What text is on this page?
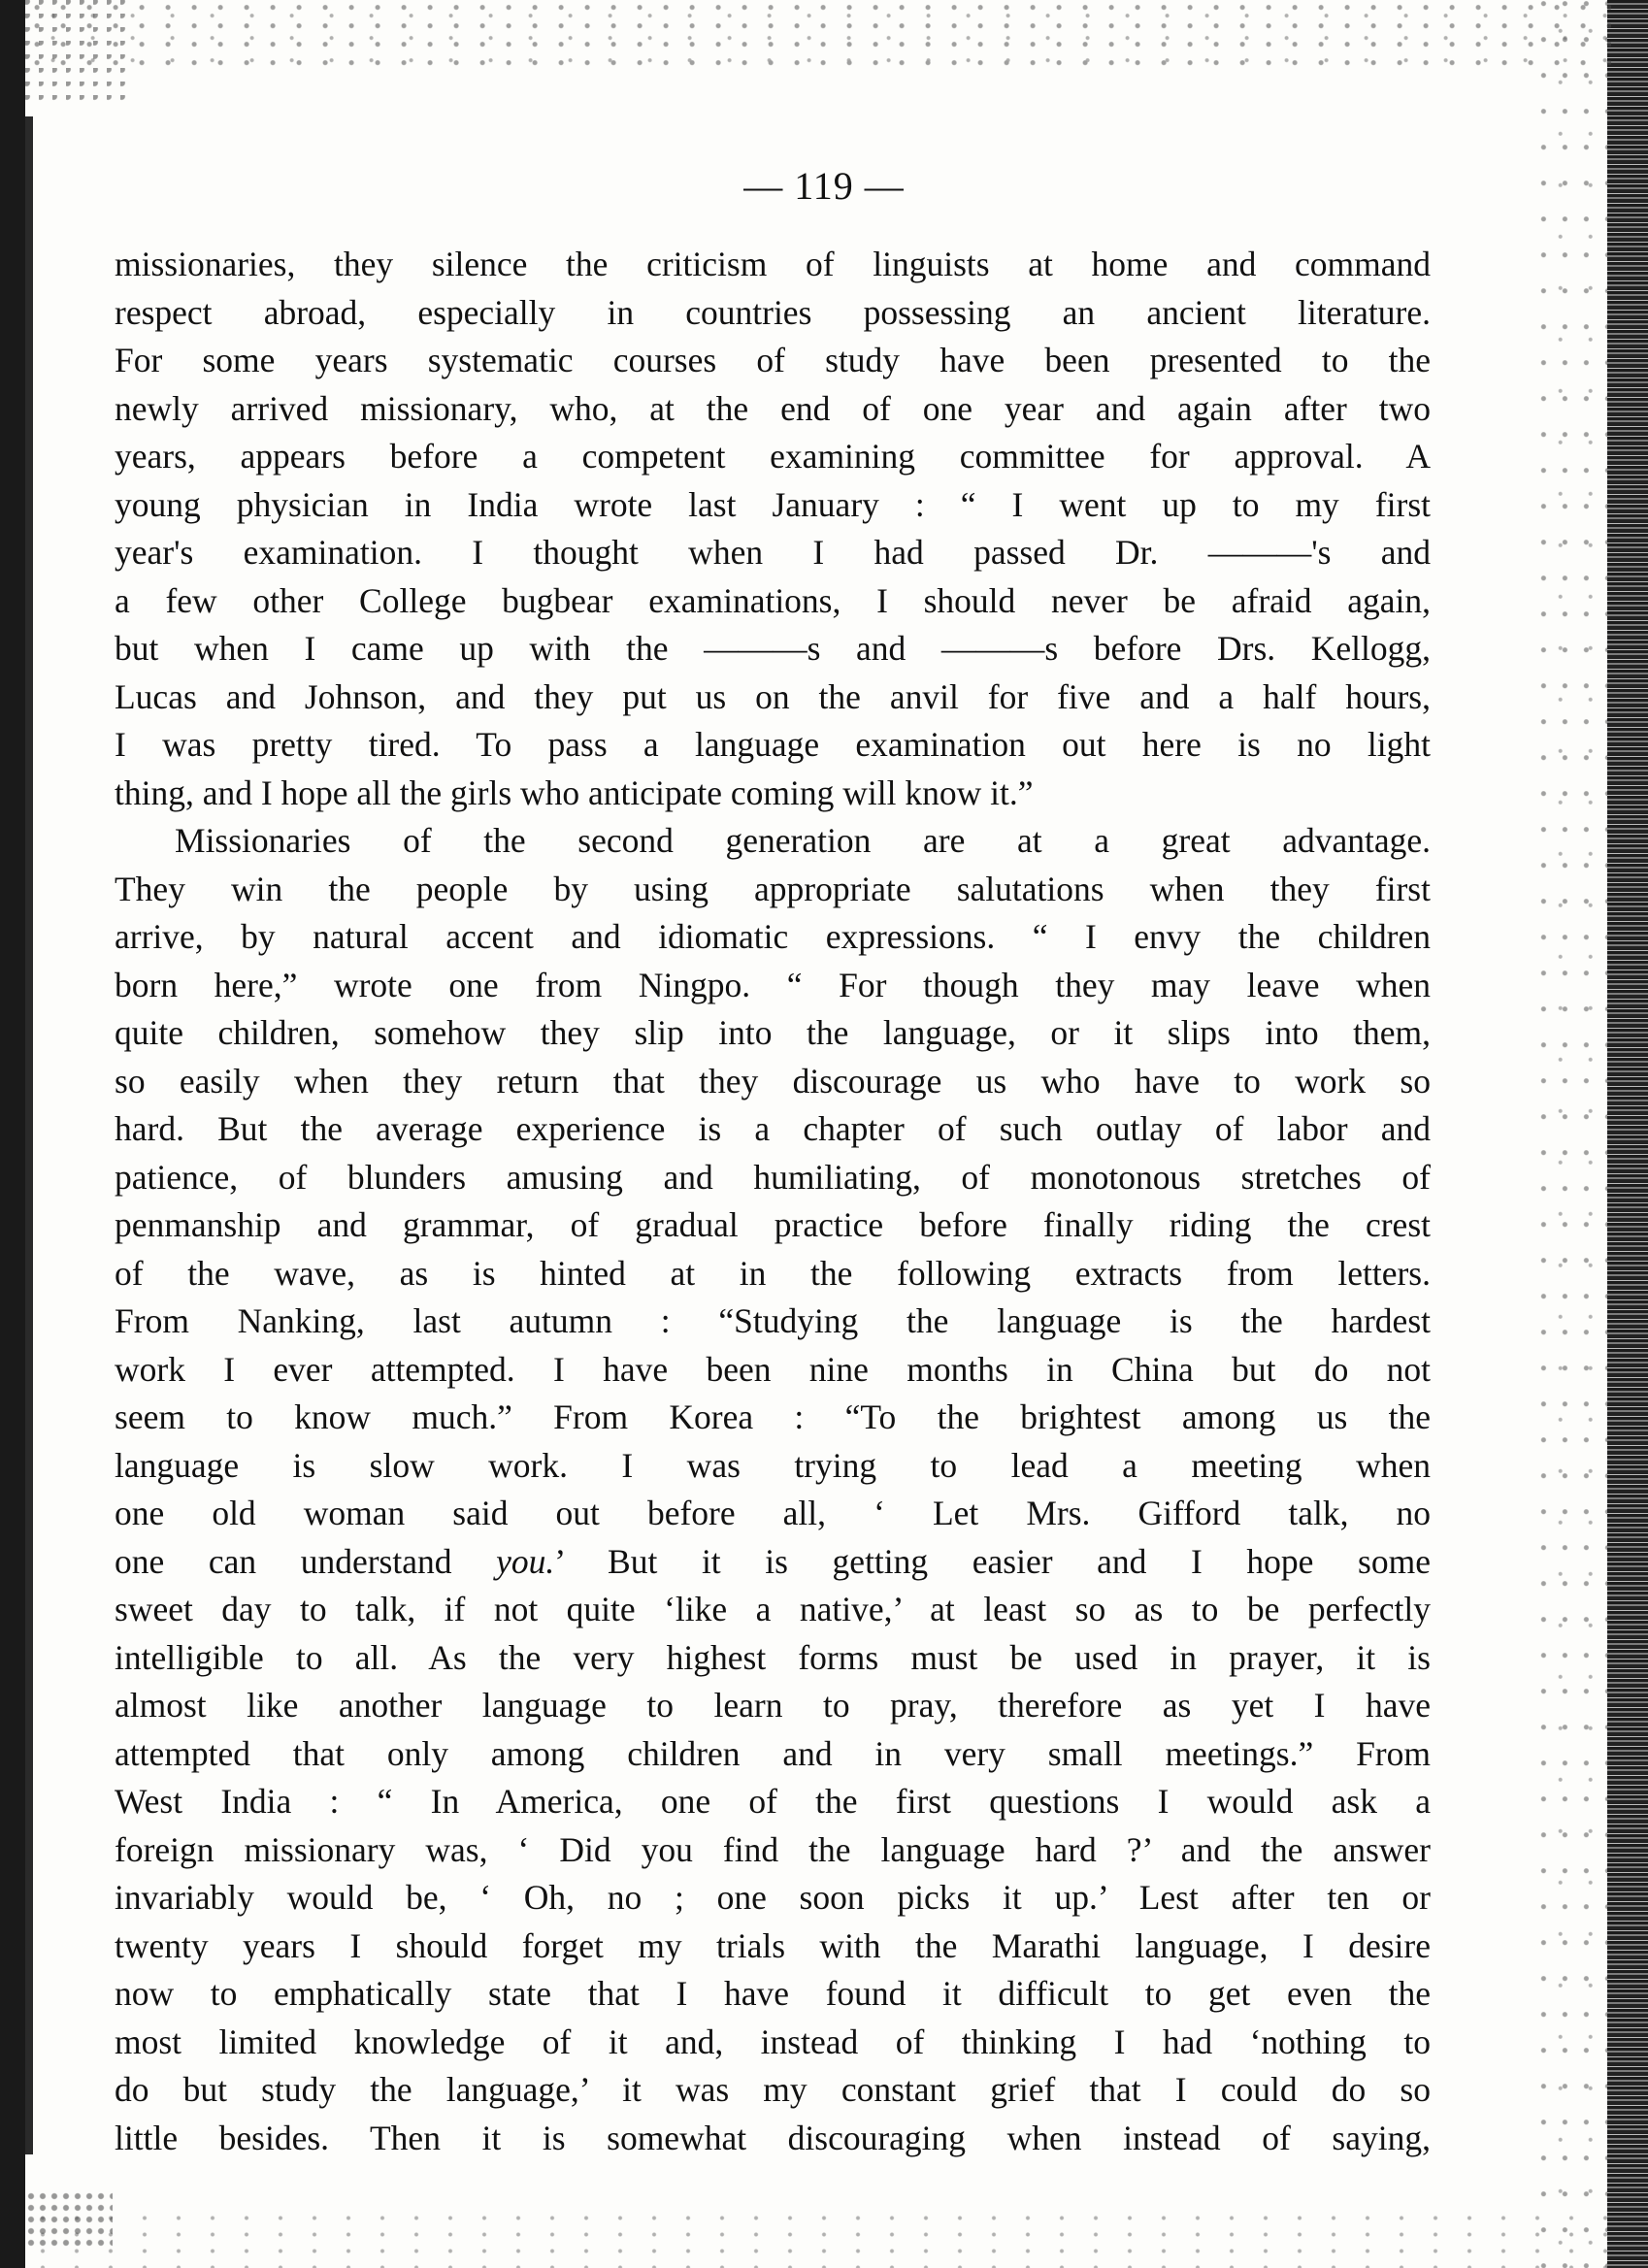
— 119 —
missionaries, they silence the criticism of linguists at home and command
respect abroad, especially in countries possessing an ancient literature.
For some years systematic courses of study have been presented to the
newly arrived missionary, who, at the end of one year and again after two
years, appears before a competent examining committee for approval. A
young physician in India wrote last January : “ I went up to my first
year's examination. I thought when I had passed Dr. ———'s and
a few other College bugbear examinations, I should never be afraid again,
but when I came up with the ———s and ———s before Drs. Kellogg,
Lucas and Johnson, and they put us on the anvil for five and a half hours,
I was pretty tired. To pass a language examination out here is no light
thing, and I hope all the girls who anticipate coming will know it.”
Missionaries of the second generation are at a great advantage.
They win the people by using appropriate salutations when they first
arrive, by natural accent and idiomatic expressions. “ I envy the children
born here,” wrote one from Ningpo. “ For though they may leave when
quite children, somehow they slip into the language, or it slips into them,
so easily when they return that they discourage us who have to work so
hard. But the average experience is a chapter of such outlay of labor and
patience, of blunders amusing and humiliating, of monotonous stretches of
penmanship and grammar, of gradual practice before finally riding the crest
of the wave, as is hinted at in the following extracts from letters.
From Nanking, last autumn : “Studying the language is the hardest
work I ever attempted. I have been nine months in China but do not
seem to know much.” From Korea : “To the brightest among us the
language is slow work. I was trying to lead a meeting when
one old woman said out before all, ‘ Let Mrs. Gifford talk, no
one can understand you.’ But it is getting easier and I hope some
sweet day to talk, if not quite ‘like a native,’ at least so as to be perfectly
intelligible to all. As the very highest forms must be used in prayer, it is
almost like another language to learn to pray, therefore as yet I have
attempted that only among children and in very small meetings.” From
West India : “ In America, one of the first questions I would ask a
foreign missionary was, ‘ Did you find the language hard ?’ and the answer
invariably would be, ‘ Oh, no ; one soon picks it up.’ Lest after ten or
twenty years I should forget my trials with the Marathi language, I desire
now to emphatically state that I have found it difficult to get even the
most limited knowledge of it and, instead of thinking I had ‘nothing to
do but study the language,’ it was my constant grief that I could do so
little besides. Then it is somewhat discouraging when instead of saying,
